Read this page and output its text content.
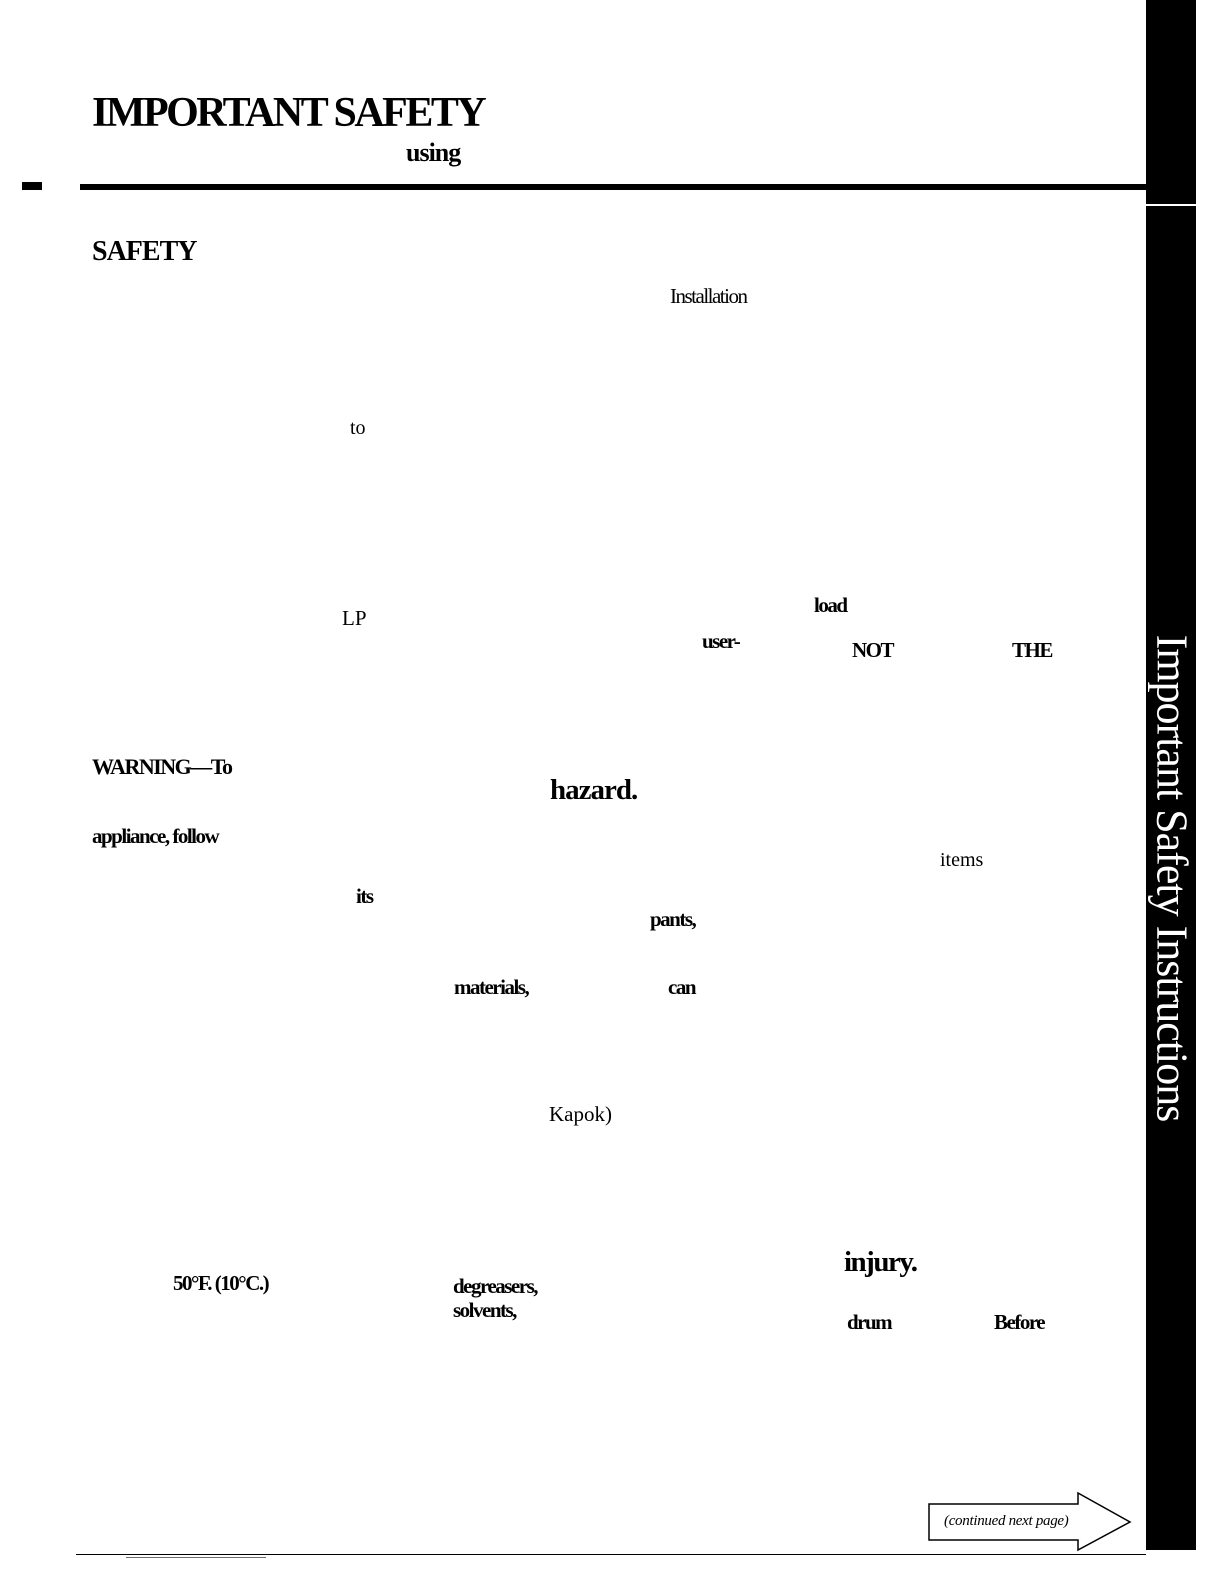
IMPORTANT SAFETY
using
SAFETY
Installation
to
LP
load
user-	NOT	THE
WARNING—To
hazard.
appliance, follow
items
its
pants,
materials,	can
Kapok)
injury.
50°F. (10°C.)	degreasers,
solvents,	drum	Before
Important Safety Instructions
(continued next page)
